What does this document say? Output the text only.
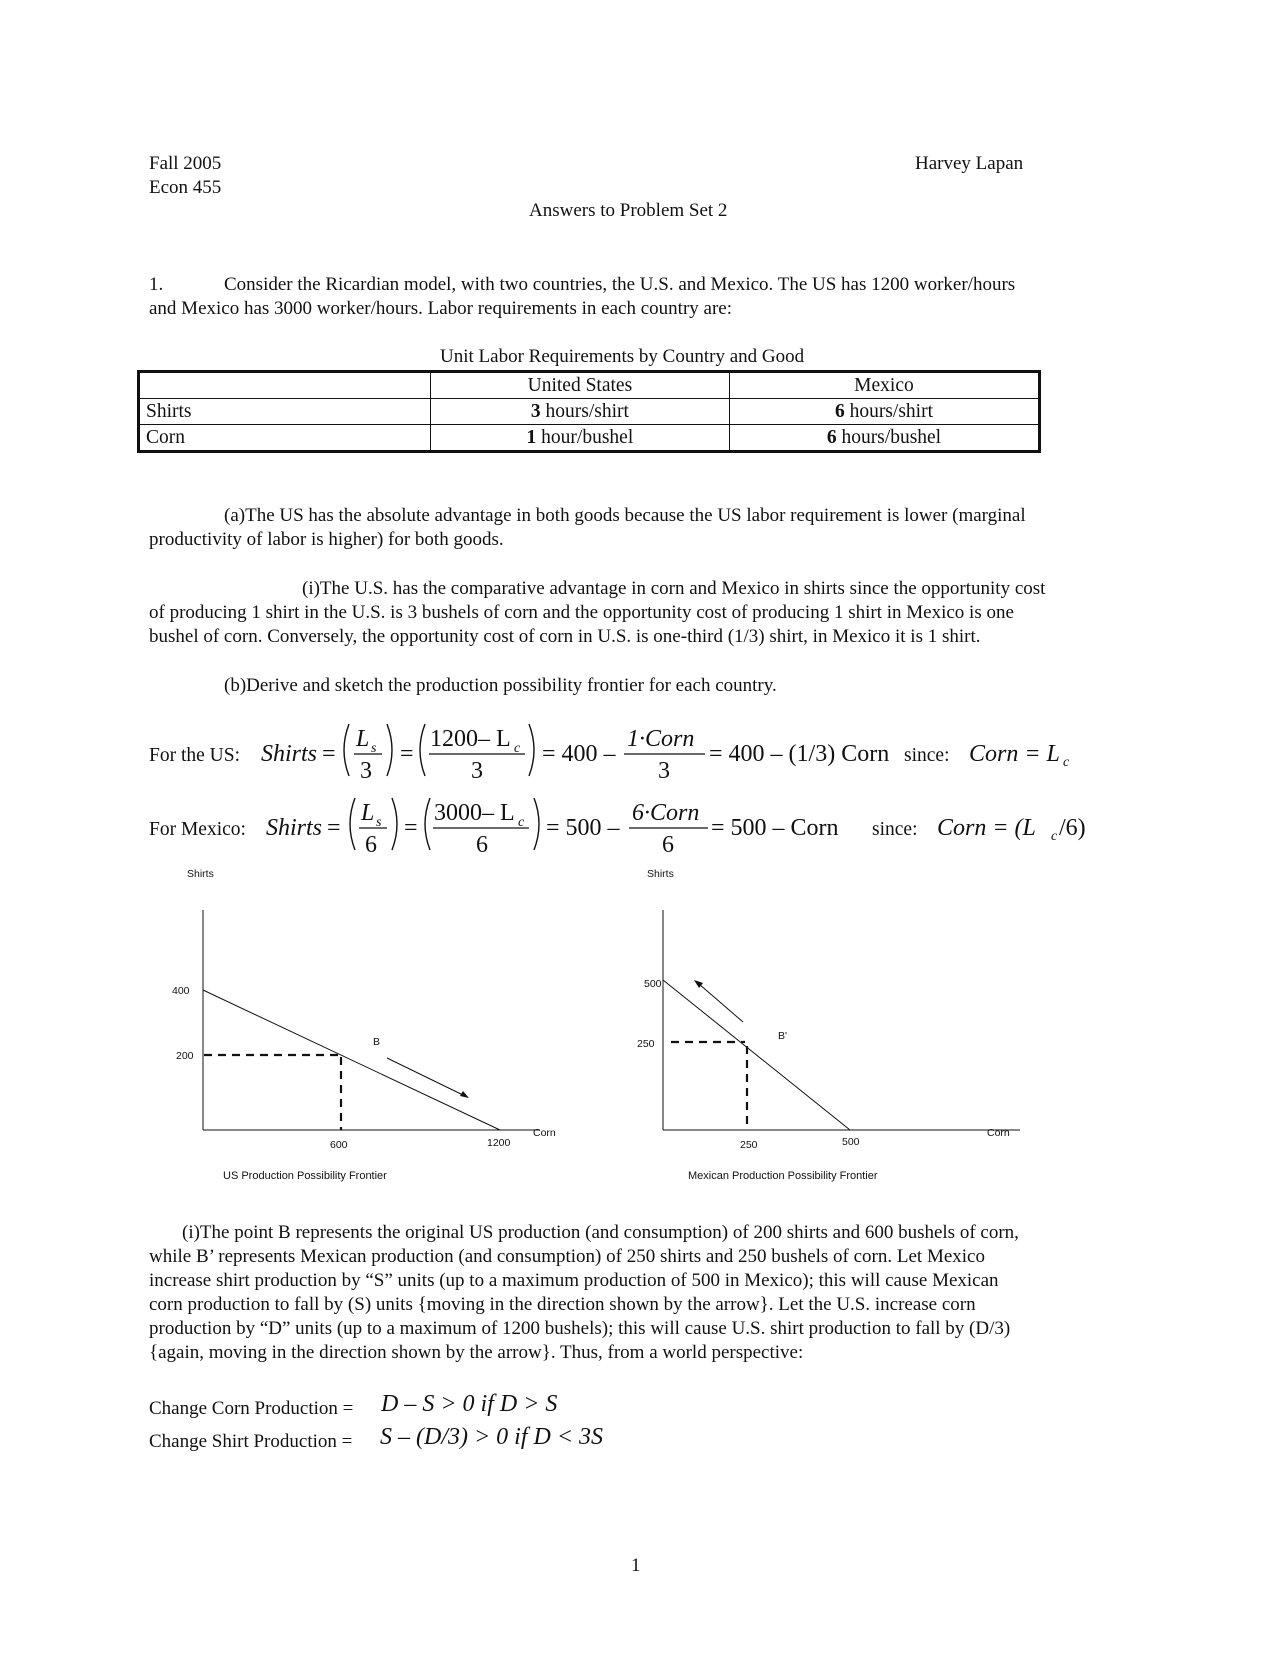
Fall 2005
Econ 455
Harvey Lapan
Answers to Problem Set 2
1.	Consider the Ricardian model, with two countries, the U.S. and Mexico. The US has 1200 worker/hours
and Mexico has 3000 worker/hours. Labor requirements in each country are:
Unit Labor Requirements by Country and Good
	United States	Mexico
Shirts	3 hours/shirt	6 hours/shirt
Corn	1 hour/bushel	6 hours/bushel
(a)The US has the absolute advantage in both goods because the US labor requirement is lower (marginal
productivity of labor is higher) for both goods.
(i)The U.S. has the comparative advantage in corn and Mexico in shirts since the opportunity cost
of producing 1 shirt in the U.S. is 3 bushels of corn and the opportunity cost of producing 1 shirt in Mexico is one
bushel of corn. Conversely, the opportunity cost of corn in U.S. is one-third (1/3) shirt, in Mexico it is 1 shirt.
(b)Derive and sketch the production possibility frontier for each country.
For the US: Shirts =
L s
3
=
1200– L c
3
= 400 –
1·Corn
3
= 400 – (1/3) Corn since: Corn = L c
For Mexico: Shirts =
L s
6
=
3000– L c
6
= 500 –
6·Corn
6
= 500 – Corn since: Corn = (L c /6)
Shirts
400
200
B
600	1200
Corn
US Production Possibility Frontier
Shirts
500
250
B'
250	500
Corn
Mexican Production Possibility Frontier
(i)The point B represents the original US production (and consumption) of 200 shirts and 600 bushels of corn,
while B’ represents Mexican production (and consumption) of 250 shirts and 250 bushels of corn. Let Mexico
increase shirt production by “S” units (up to a maximum production of 500 in Mexico); this will cause Mexican
corn production to fall by (S) units {moving in the direction shown by the arrow}. Let the U.S. increase corn
production by “D” units (up to a maximum of 1200 bushels); this will cause U.S. shirt production to fall by (D/3)
{again, moving in the direction shown by the arrow}. Thus, from a world perspective:
Change Corn Production = D – S > 0 if D > S
Change Shirt Production = S – (D/3) > 0 if D < 3S
1
